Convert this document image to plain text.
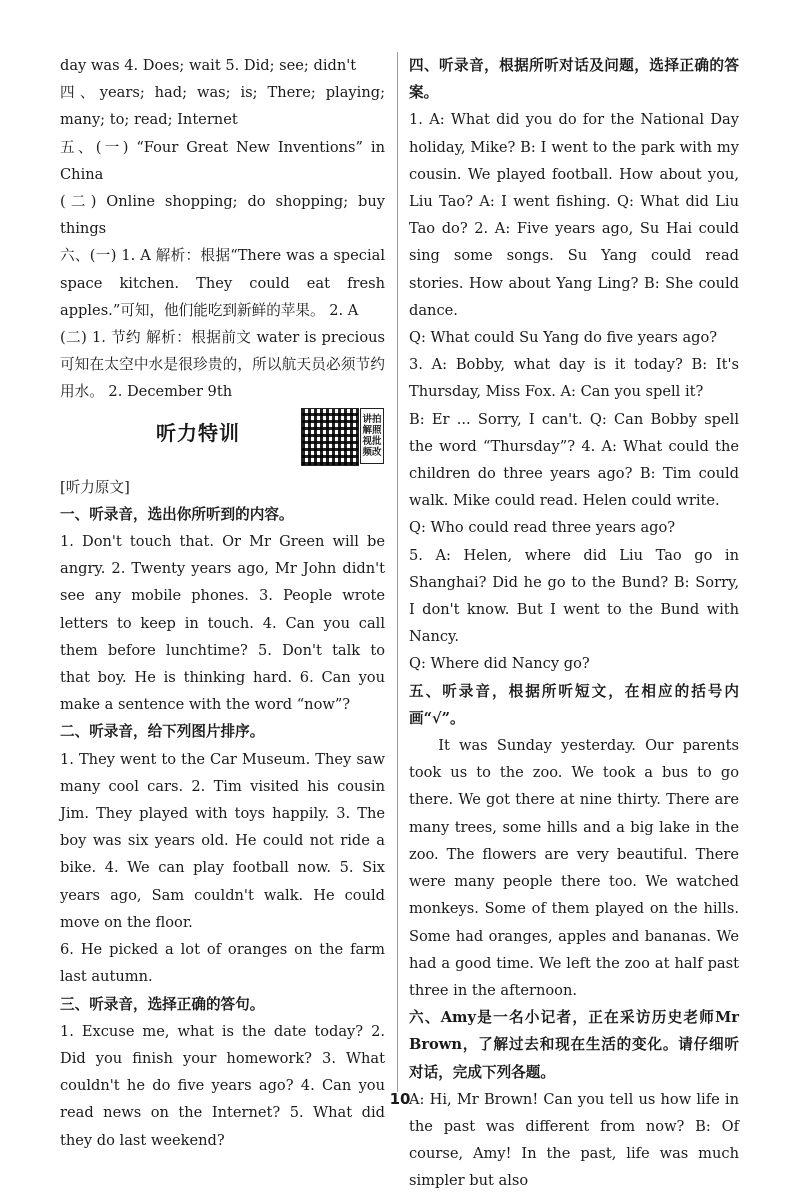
day was 4. Does; wait 5. Did; see; didn't

四、years; had; was; is; There; playing; many; to; read; Internet

五、(一) “Four Great New Inventions” in China

(二) Online shopping; do shopping; buy things

六、(一) 1. A 解析：根据“There was a special space kitchen. They could eat fresh apples.”可知，他们能吃到新鲜的苹果。 2. A

(二) 1. 节约 解析：根据前文 water is precious 可知在太空中水是很珍贵的，所以航天员必须节约用水。 2. December 9th

听力特训
讲拍解照视批频改

[听力原文]

一、听录音，选出你所听到的内容。

1. Don't touch that. Or Mr Green will be angry. 2. Twenty years ago, Mr John didn't see any mobile phones. 3. People wrote letters to keep in touch. 4. Can you call them before lunchtime? 5. Don't talk to that boy. He is thinking hard. 6. Can you make a sentence with the word “now”?

二、听录音，给下列图片排序。

1. They went to the Car Museum. They saw many cool cars. 2. Tim visited his cousin Jim. They played with toys happily. 3. The boy was six years old. He could not ride a bike. 4. We can play football now. 5. Six years ago, Sam couldn't walk. He could move on the floor.

6. He picked a lot of oranges on the farm last autumn.

三、听录音，选择正确的答句。

1. Excuse me, what is the date today? 2. Did you finish your homework? 3. What couldn't he do five years ago? 4. Can you read news on the Internet? 5. What did they do last weekend?

四、听录音，根据所听对话及问题，选择正确的答案。

1. A: What did you do for the National Day holiday, Mike? B: I went to the park with my cousin. We played football. How about you, Liu Tao? A: I went fishing. Q: What did Liu Tao do? 2. A: Five years ago, Su Hai could sing some songs. Su Yang could read stories. How about Yang Ling? B: She could dance.

Q: What could Su Yang do five years ago?

3. A: Bobby, what day is it today? B: It's Thursday, Miss Fox. A: Can you spell it?

B: Er ... Sorry, I can't. Q: Can Bobby spell the word “Thursday”? 4. A: What could the children do three years ago? B: Tim could walk. Mike could read. Helen could write.

Q: Who could read three years ago?

5. A: Helen, where did Liu Tao go in Shanghai? Did he go to the Bund? B: Sorry, I don't know. But I went to the Bund with Nancy.

Q: Where did Nancy go?

五、听录音，根据所听短文，在相应的括号内画“√”。

It was Sunday yesterday. Our parents took us to the zoo. We took a bus to go there. We got there at nine thirty. There are many trees, some hills and a big lake in the zoo. The flowers are very beautiful. There were many people there too. We watched monkeys. Some of them played on the hills. Some had oranges, apples and bananas. We had a good time. We left the zoo at half past three in the afternoon.

六、Amy是一名小记者，正在采访历史老师Mr Brown，了解过去和现在生活的变化。请仔细听对话，完成下列各题。

A: Hi, Mr Brown! Can you tell us how life in the past was different from now? B: Of course, Amy! In the past, life was much simpler but also

10
